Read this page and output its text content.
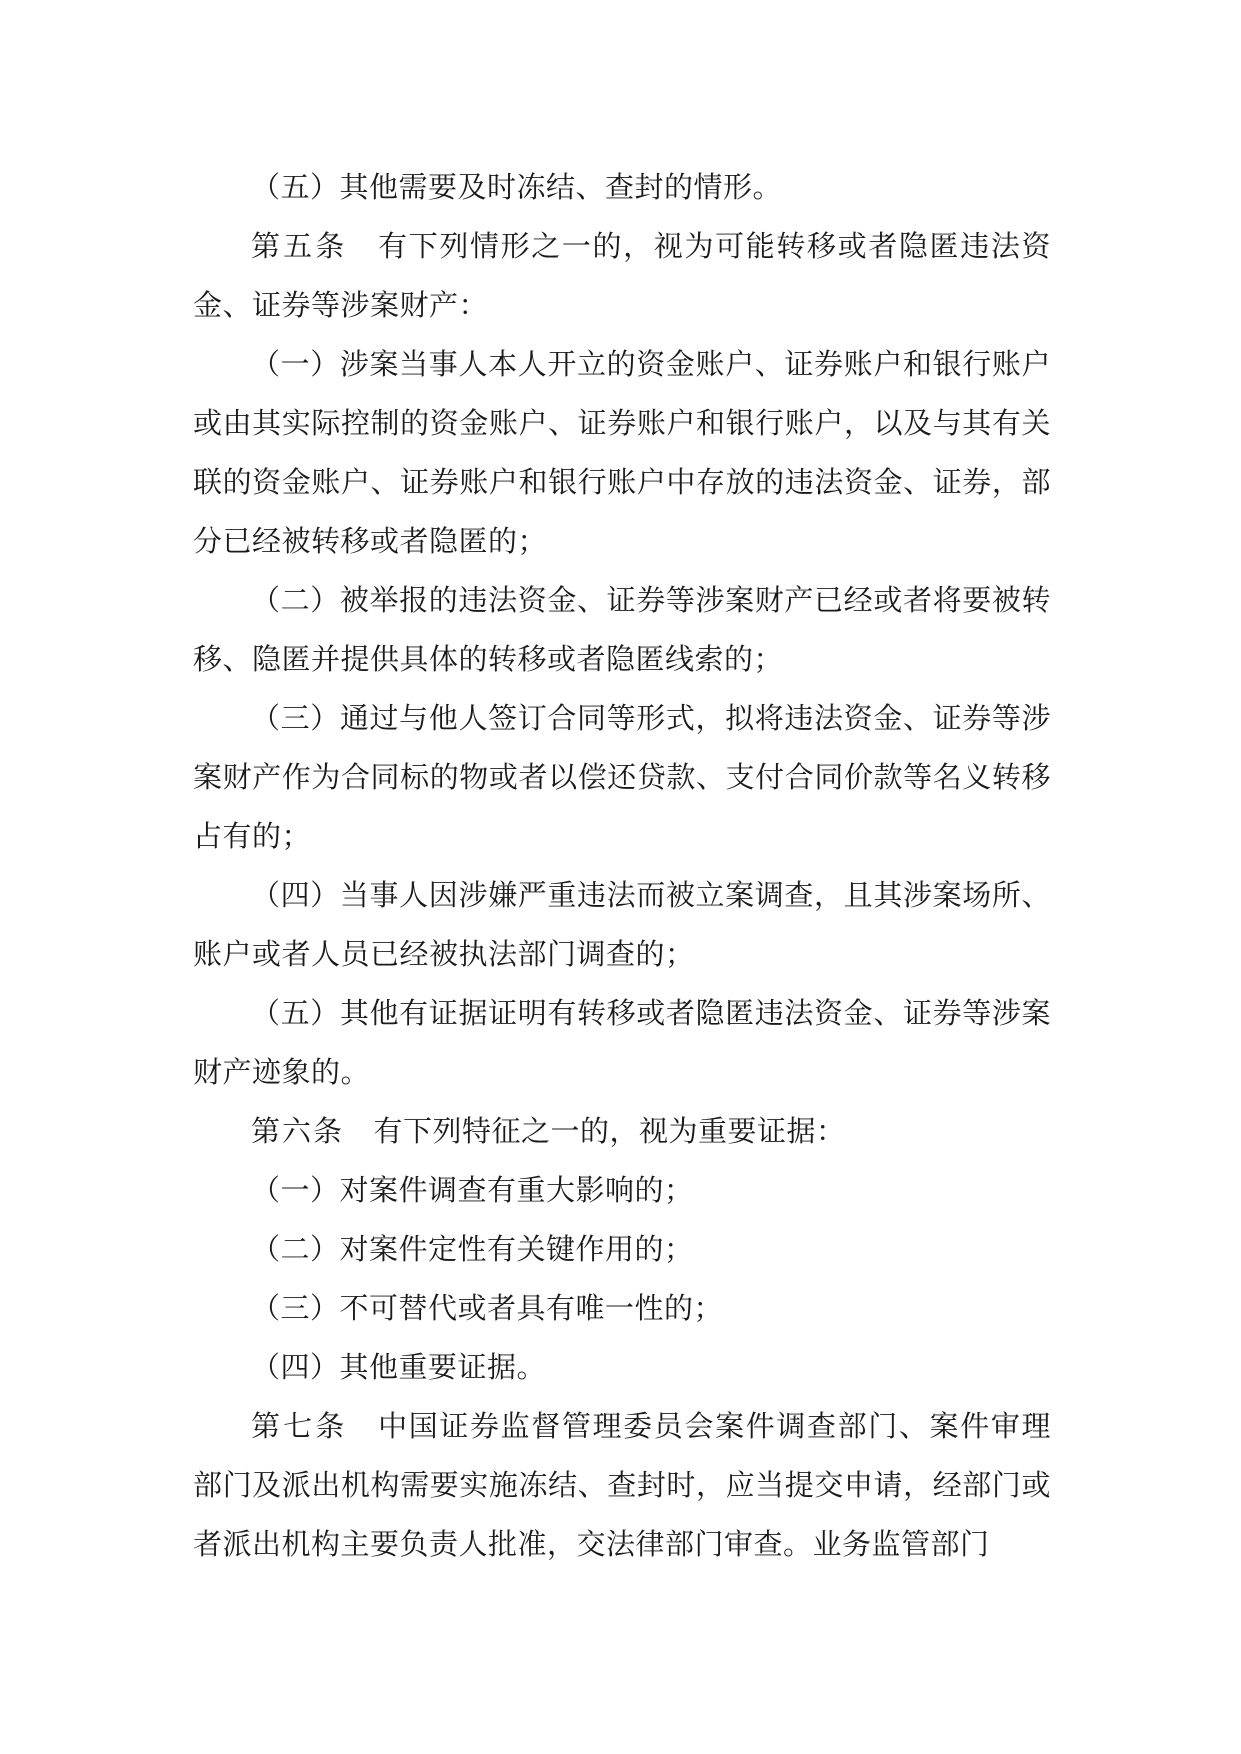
（五）其他需要及时冻结、查封的情形。

第五条　 有下列情形之一的，视为可能转移或者隐匿违法资金、证券等涉案财产：

（一）涉案当事人本人开立的资金账户、证券账户和银行账户或由其实际控制的资金账户、证券账户和银行账户，以及与其有关联的资金账户、证券账户和银行账户中存放的违法资金、证券，部分已经被转移或者隐匿的；

（二）被举报的违法资金、证券等涉案财产已经或者将要被转移、隐匿并提供具体的转移或者隐匿线索的；

（三）通过与他人签订合同等形式，拟将违法资金、证券等涉案财产作为合同标的物或者以偿还贷款、支付合同价款等名义转移占有的；

（四）当事人因涉嫌严重违法而被立案调查，且其涉案场所、账户或者人员已经被执法部门调查的；

（五）其他有证据证明有转移或者隐匿违法资金、证券等涉案财产迹象的。

第六条　 有下列特征之一的，视为重要证据：

（一）对案件调查有重大影响的；

（二）对案件定性有关键作用的；

（三）不可替代或者具有唯一性的；

（四）其他重要证据。

第七条　 中国证券监督管理委员会案件调查部门、案件审理部门及派出机构需要实施冻结、查封时，应当提交申请，经部门或者派出机构主要负责人批准，交法律部门审查。业务监管部门
